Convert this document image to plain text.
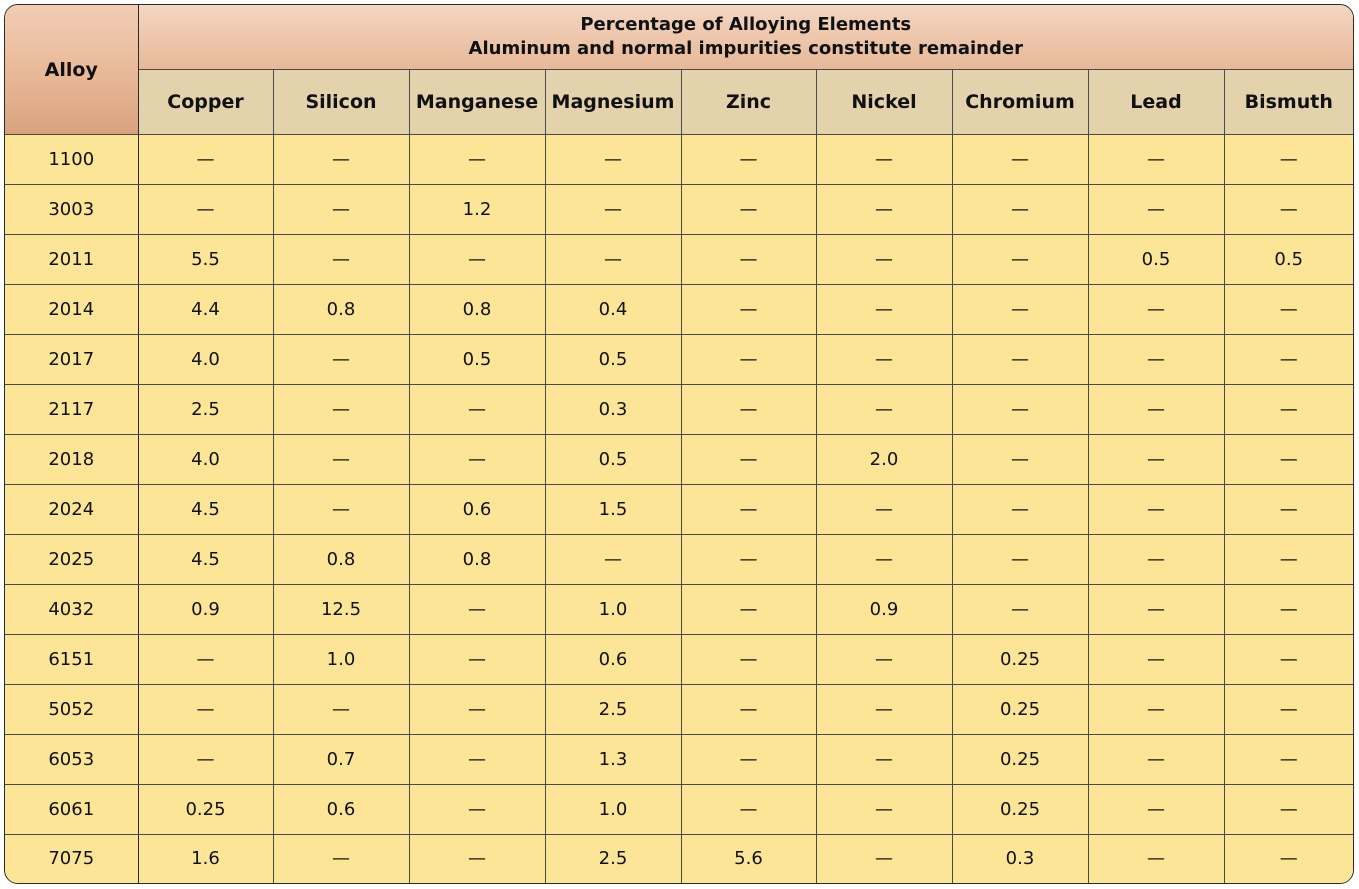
Alloy	Percentage of Alloying Elements
Aluminum and normal impurities constitute remainder								

	Copper	Silicon	Manganese	Magnesium	Zinc	Nickel	Chromium	Lead	Bismuth
1100	—	—	—	—	—	—	—	—	—
3003	—	—	1.2	—	—	—	—	—	—
2011	5.5	—	—	—	—	—	—	0.5	0.5
2014	4.4	0.8	0.8	0.4	—	—	—	—	—
2017	4.0	—	0.5	0.5	—	—	—	—	—
2117	2.5	—	—	0.3	—	—	—	—	—
2018	4.0	—	—	0.5	—	2.0	—	—	—
2024	4.5	—	0.6	1.5	—	—	—	—	—
2025	4.5	0.8	0.8	—	—	—	—	—	—
4032	0.9	12.5	—	1.0	—	0.9	—	—	—
6151	—	1.0	—	0.6	—	—	0.25	—	—
5052	—	—	—	2.5	—	—	0.25	—	—
6053	—	0.7	—	1.3	—	—	0.25	—	—
6061	0.25	0.6	—	1.0	—	—	0.25	—	—
7075	1.6	—	—	2.5	5.6	—	0.3	—	—
